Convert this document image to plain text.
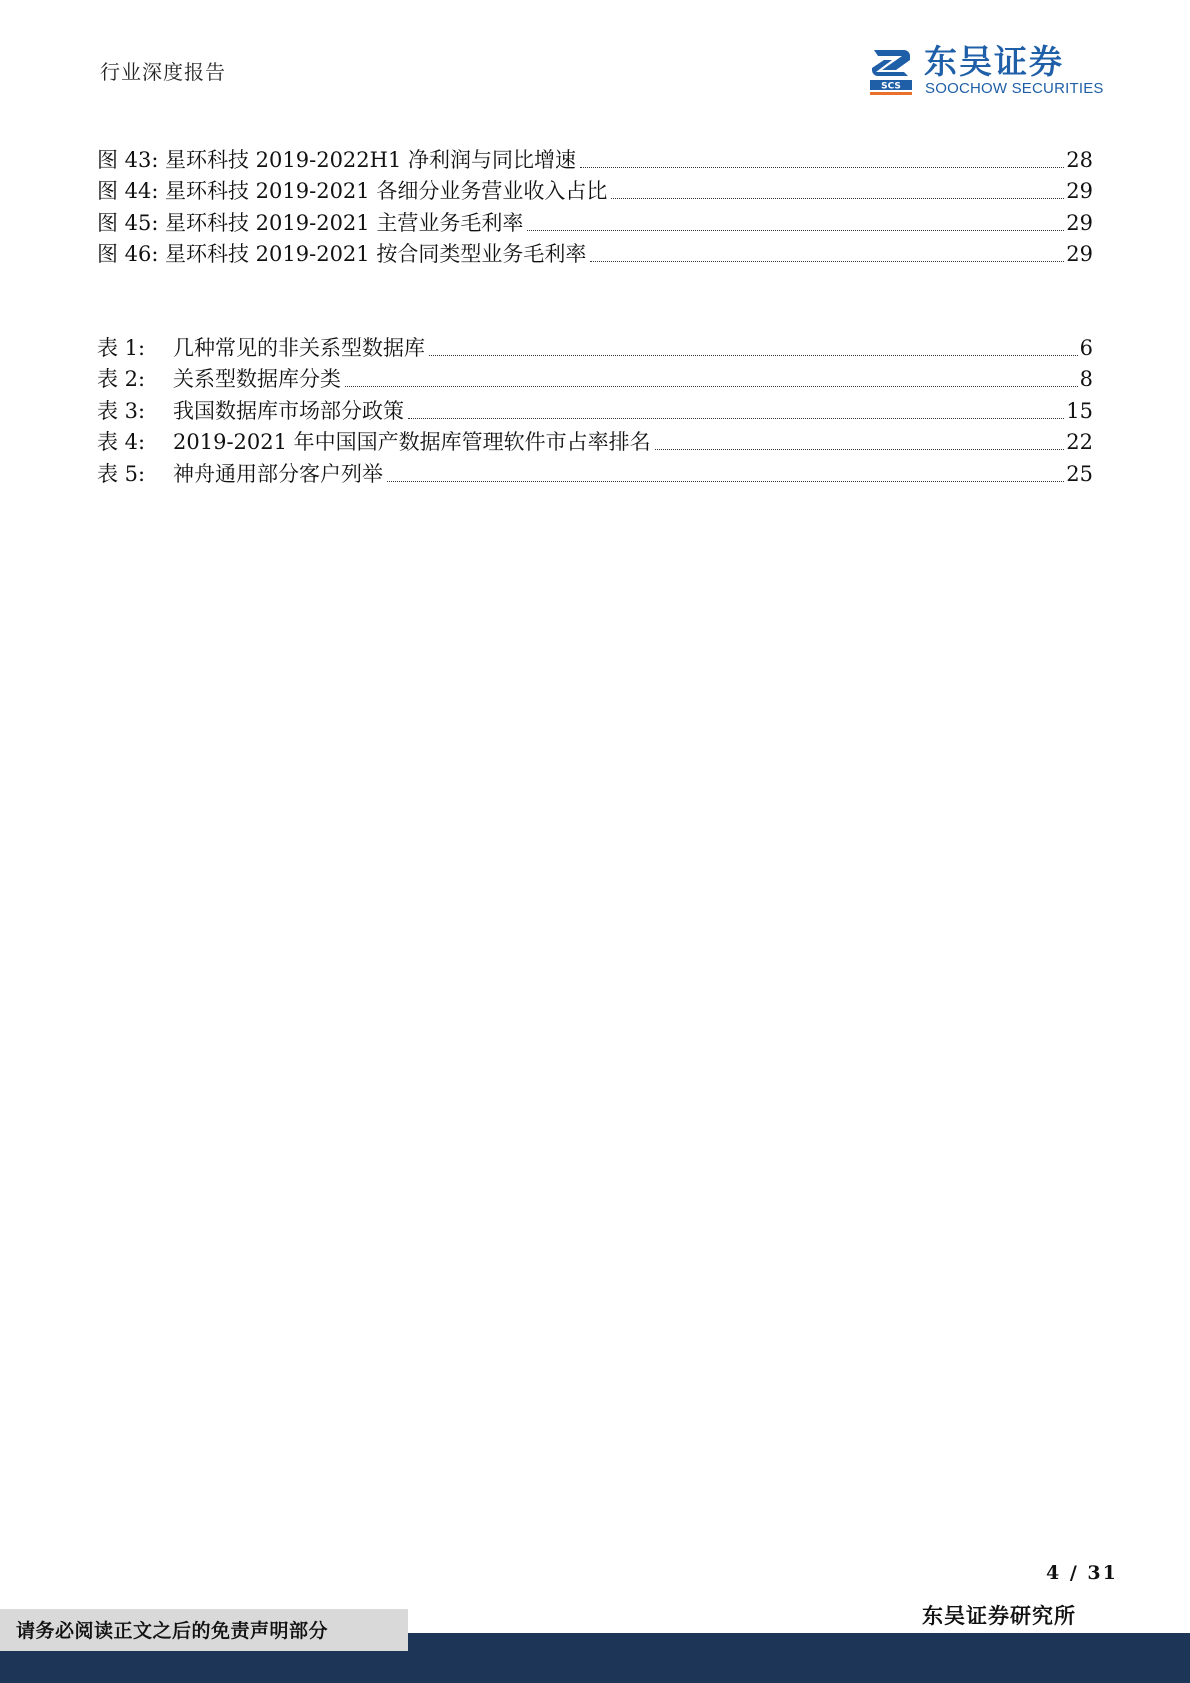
行业深度报告
SCS
东吴证券
SOOCHOW SECURITIES
图 43: 星环科技 2019-2022H1 净利润与同比增速	28
图 44: 星环科技 2019-2021 各细分业务营业收入占比	29
图 45: 星环科技 2019-2021 主营业务毛利率	29
图 46: 星环科技 2019-2021 按合同类型业务毛利率	29
表 1:	几种常见的非关系型数据库	6
表 2:	关系型数据库分类	8
表 3:	我国数据库市场部分政策	15
表 4:	2019-2021 年中国国产数据库管理软件市占率排名	22
表 5:	神舟通用部分客户列举	25
4 / 31
东吴证券研究所
请务必阅读正文之后的免责声明部分
